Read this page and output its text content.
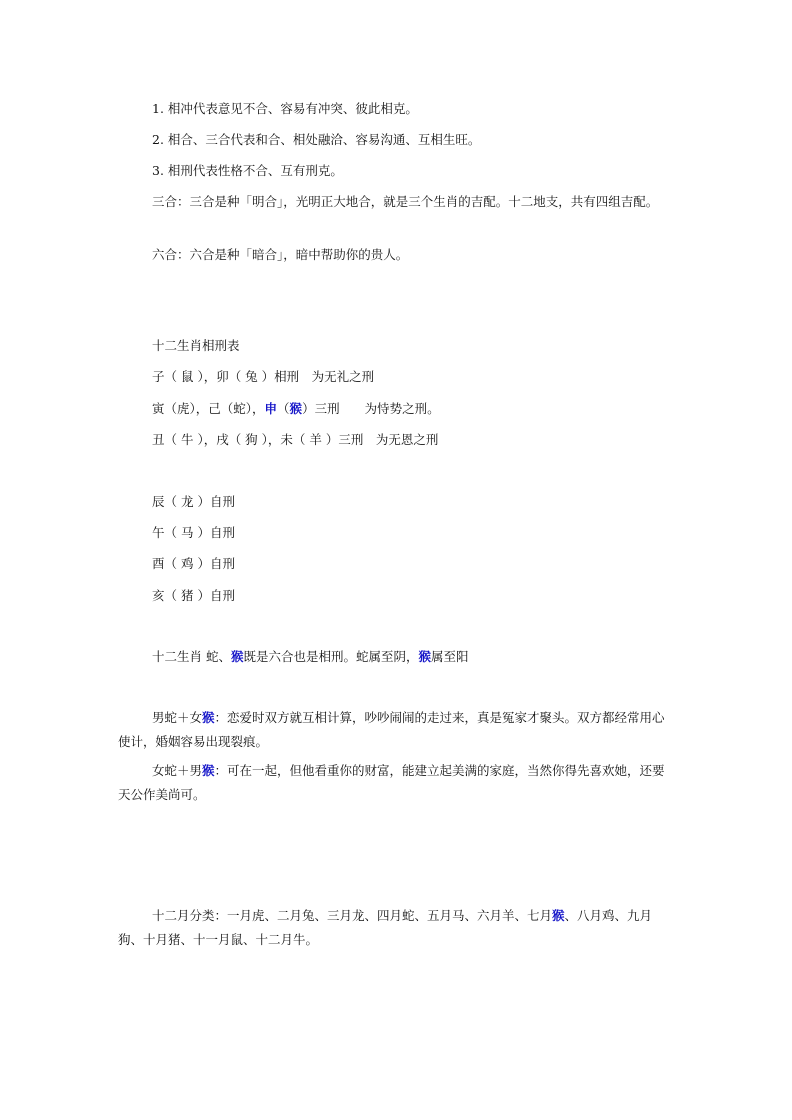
1. 相冲代表意见不合、容易有冲突、彼此相克。
2. 相合、三合代表和合、相处融洽、容易沟通、互相生旺。
3. 相刑代表性格不合、互有刑克。
三合：三合是种「明合」，光明正大地合，就是三个生肖的吉配。十二地支，共有四组吉配。
六合：六合是种「暗合」，暗中帮助你的贵人。
十二生肖相刑表
子（ 鼠 ），卯（ 兔 ）相刑　为无礼之刑
寅（虎），己（蛇），申（猴）三刑　　为恃势之刑。
丑（ 牛 ），戌（ 狗 ），未（ 羊 ）三刑　为无恩之刑
辰（ 龙 ）自刑
午（ 马 ）自刑
酉（ 鸡 ）自刑
亥（ 猪 ）自刑
十二生肖 蛇、猴既是六合也是相刑。蛇属至阴，猴属至阳
男蛇＋女猴：恋爱时双方就互相计算，吵吵闹闹的走过来，真是冤家才聚头。双方都经常用心使计，婚姻容易出现裂痕。
女蛇＋男猴：可在一起，但他看重你的财富，能建立起美满的家庭，当然你得先喜欢她，还要天公作美尚可。
十二月分类：一月虎、二月兔、三月龙、四月蛇、五月马、六月羊、七月猴、八月鸡、九月狗、十月猪、十一月鼠、十二月牛。
